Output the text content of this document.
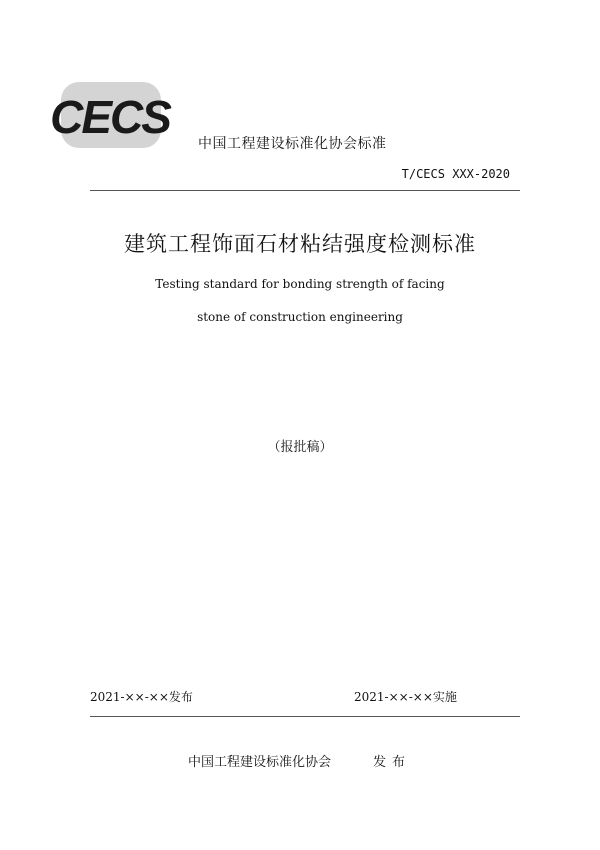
CECS
中国工程建设标准化协会标准
T/CECS XXX-2020
建筑工程饰面石材粘结强度检测标准
Testing standard for bonding strength of facing
stone of construction engineering
（报批稿）
2021-××-××发布	2021-××-××实施
中国工程建设标准化协会	发布
